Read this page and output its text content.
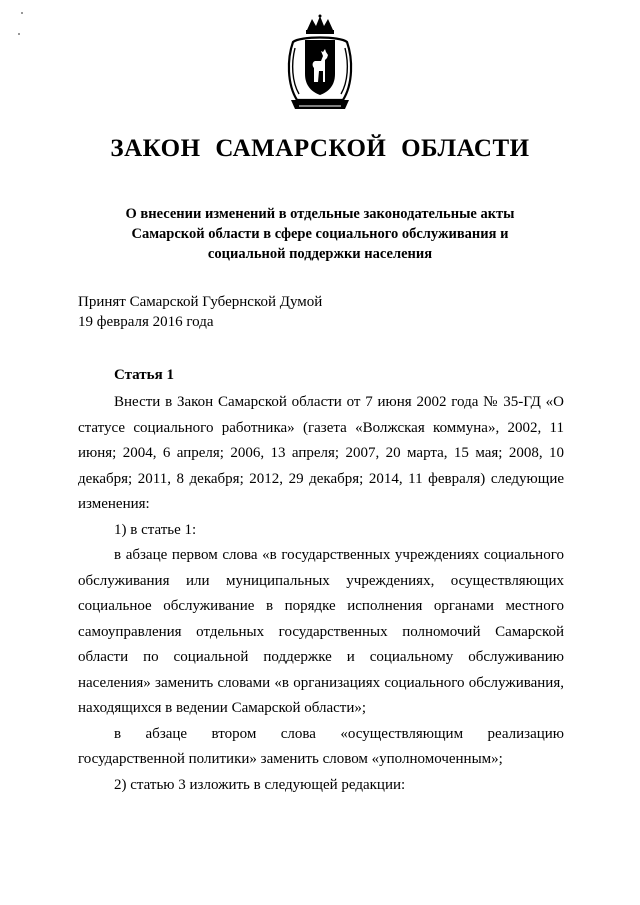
ЗАКОН САМАРСКОЙ ОБЛАСТИ
О внесении изменений в отдельные законодательные акты
Самарской области в сфере социального обслуживания и
социальной поддержки населения
Принят Самарской Губернской Думой
19 февраля 2016 года
Статья 1

Внести в Закон Самарской области от 7 июня 2002 года № 35-ГД «О статусе социального работника» (газета «Волжская коммуна», 2002, 11 июня; 2004, 6 апреля; 2006, 13 апреля; 2007, 20 марта, 15 мая; 2008, 10 декабря; 2011, 8 декабря; 2012, 29 декабря; 2014, 11 февраля) следующие изменения:

1) в статье 1:

в абзаце первом слова «в государственных учреждениях социального обслуживания или муниципальных учреждениях, осуществляющих социальное обслуживание в порядке исполнения органами местного самоуправления отдельных государственных полномочий Самарской области по социальной поддержке и социальному обслуживанию населения» заменить словами «в организациях социального обслуживания, находящихся в ведении Самарской области»;

в абзаце втором слова «осуществляющим реализацию государственной политики» заменить словом «уполномоченным»;

2) статью 3 изложить в следующей редакции:
